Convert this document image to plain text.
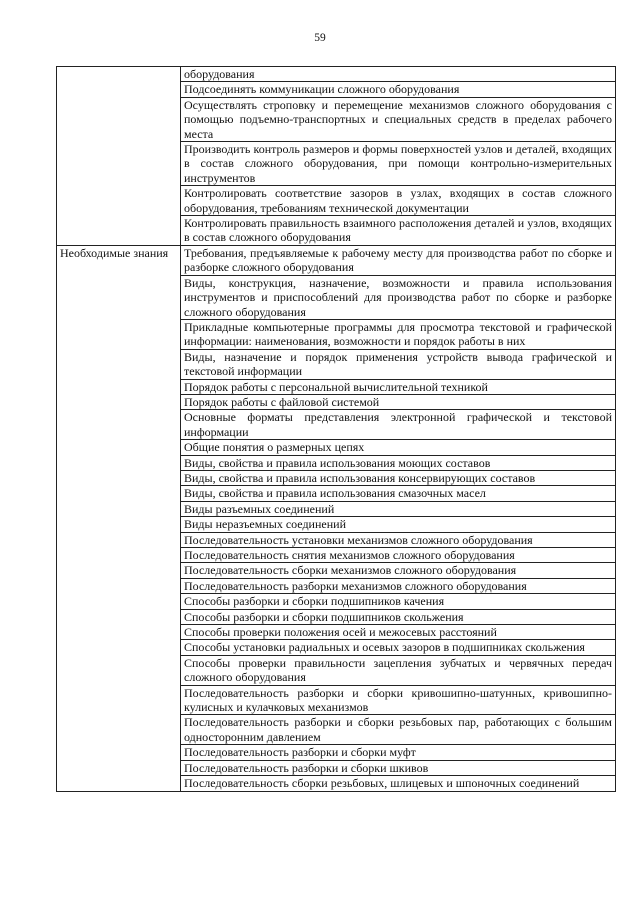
59
	оборудования
	Подсоединять коммуникации сложного оборудования
	Осуществлять строповку и перемещение механизмов сложного оборудования с помощью подъемно-транспортных и специальных средств в пределах рабочего места
	Производить контроль размеров и формы поверхностей узлов и деталей, входящих в состав сложного оборудования, при помощи контрольно-измерительных инструментов
	Контролировать соответствие зазоров в узлах, входящих в состав сложного оборудования, требованиям технической документации
	Контролировать правильность взаимного расположения деталей и узлов, входящих в состав сложного оборудования
Необходимые знания	Требования, предъявляемые к рабочему месту для производства работ по сборке и разборке сложного оборудования
	Виды, конструкция, назначение, возможности и правила использования инструментов и приспособлений для производства работ по сборке и разборке сложного оборудования
	Прикладные компьютерные программы для просмотра текстовой и графической информации: наименования, возможности и порядок работы в них
	Виды, назначение и порядок применения устройств вывода графической и текстовой информации
	Порядок работы с персональной вычислительной техникой
	Порядок работы с файловой системой
	Основные форматы представления электронной графической и текстовой информации
	Общие понятия о размерных цепях
	Виды, свойства и правила использования моющих составов
	Виды, свойства и правила использования консервирующих составов
	Виды, свойства и правила использования смазочных масел
	Виды разъемных соединений
	Виды неразъемных соединений
	Последовательность установки механизмов сложного оборудования
	Последовательность снятия механизмов сложного оборудования
	Последовательность сборки механизмов сложного оборудования
	Последовательность разборки механизмов сложного оборудования
	Способы разборки и сборки подшипников качения
	Способы разборки и сборки подшипников скольжения
	Способы проверки положения осей и межосевых расстояний
	Способы установки радиальных и осевых зазоров в подшипниках скольжения
	Способы проверки правильности зацепления зубчатых и червячных передач сложного оборудования
	Последовательность разборки и сборки кривошипно-шатунных, кривошипно-кулисных и кулачковых механизмов
	Последовательность разборки и сборки резьбовых пар, работающих с большим односторонним давлением
	Последовательность разборки и сборки муфт
	Последовательность разборки и сборки шкивов
	Последовательность сборки резьбовых, шлицевых и шпоночных соединений
